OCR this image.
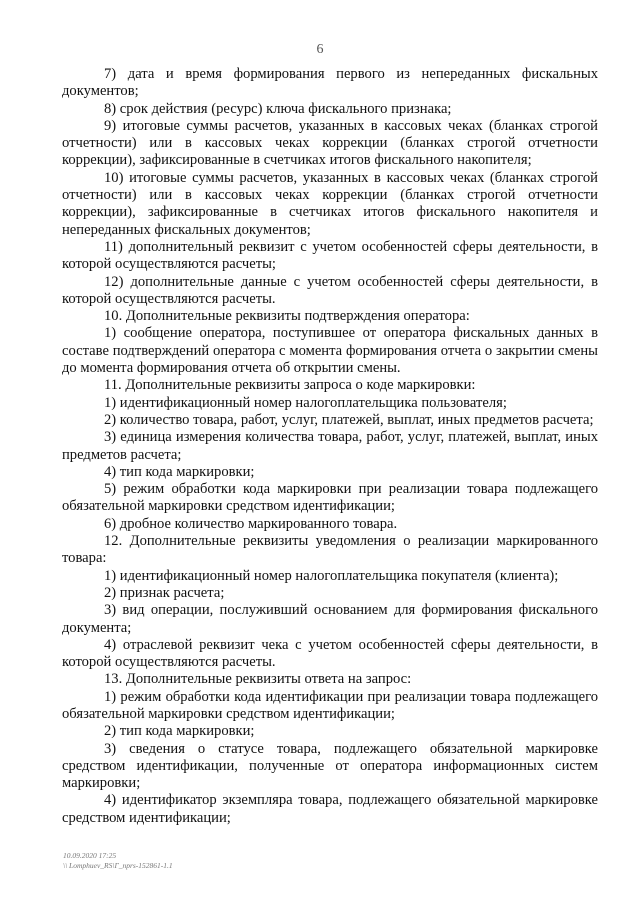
6

7) дата и время формирования первого из непереданных фискальных документов;

8) срок действия (ресурс) ключа фискального признака;

9) итоговые суммы расчетов, указанных в кассовых чеках (бланках строгой отчетности) или в кассовых чеках коррекции (бланках строгой отчетности коррекции), зафиксированные в счетчиках итогов фискального накопителя;

10) итоговые суммы расчетов, указанных в кассовых чеках (бланках строгой отчетности) или в кассовых чеках коррекции (бланках строгой отчетности коррекции), зафиксированные в счетчиках итогов фискального накопителя и непереданных фискальных документов;

11) дополнительный реквизит с учетом особенностей сферы деятельности, в которой осуществляются расчеты;

12) дополнительные данные с учетом особенностей сферы деятельности, в которой осуществляются расчеты.

10. Дополнительные реквизиты подтверждения оператора:

1) сообщение оператора, поступившее от оператора фискальных данных в составе подтверждений оператора с момента формирования отчета о закрытии смены до момента формирования отчета об открытии смены.

11. Дополнительные реквизиты запроса о коде маркировки:

1) идентификационный номер налогоплательщика пользователя;

2) количество товара, работ, услуг, платежей, выплат, иных предметов расчета;

3) единица измерения количества товара, работ, услуг, платежей, выплат, иных предметов расчета;

4) тип кода маркировки;

5) режим обработки кода маркировки при реализации товара подлежащего обязательной маркировки средством идентификации;

6) дробное количество маркированного товара.

12. Дополнительные реквизиты уведомления о реализации маркированного товара:

1) идентификационный номер налогоплательщика покупателя (клиента);

2) признак расчета;

3) вид операции, послуживший основанием для формирования фискального документа;

4) отраслевой реквизит чека с учетом особенностей сферы деятельности, в которой осуществляются расчеты.

13. Дополнительные реквизиты ответа на запрос:

1) режим обработки кода идентификации при реализации товара подлежащего обязательной маркировки средством идентификации;

2) тип кода маркировки;

3) сведения о статусе товара, подлежащего обязательной маркировке средством идентификации, полученные от оператора информационных систем маркировки;

4) идентификатор экземпляра товара, подлежащего обязательной маркировке средством идентификации;

10.09.2020 17:25
\\ Lomphuev_RS\Г_nprs-152861-1.1
